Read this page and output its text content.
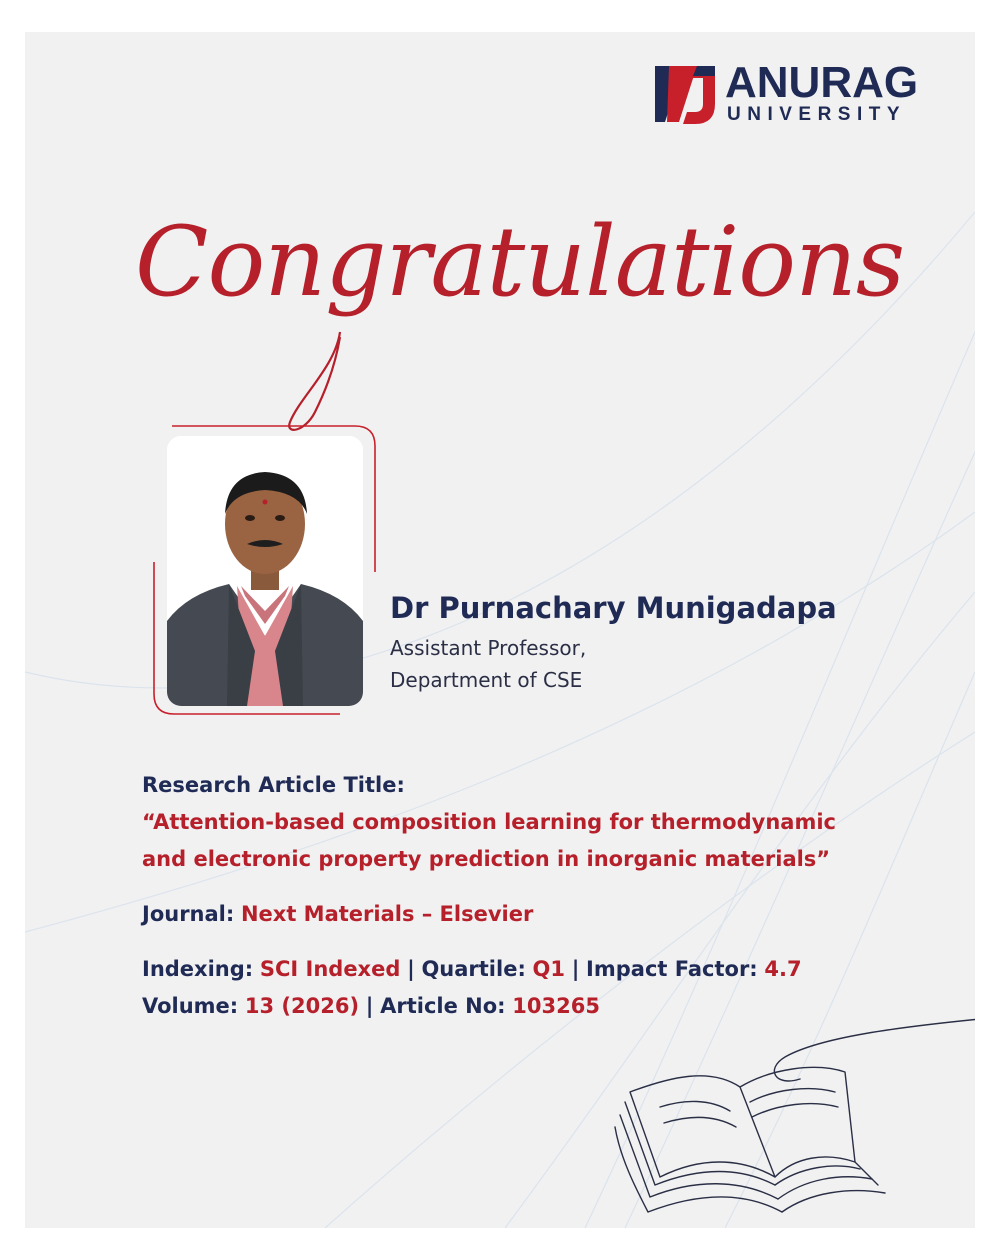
ANURAG
UNIVERSITY
Congratulations
Dr Purnachary Munigadapa
Assistant Professor,
Department of CSE
Research Article Title:
“Attention-based composition learning for thermodynamic
and electronic property prediction in inorganic materials”
Journal: Next Materials – Elsevier
Indexing: SCI Indexed | Quartile: Q1 | Impact Factor: 4.7
Volume: 13 (2026) | Article No: 103265
